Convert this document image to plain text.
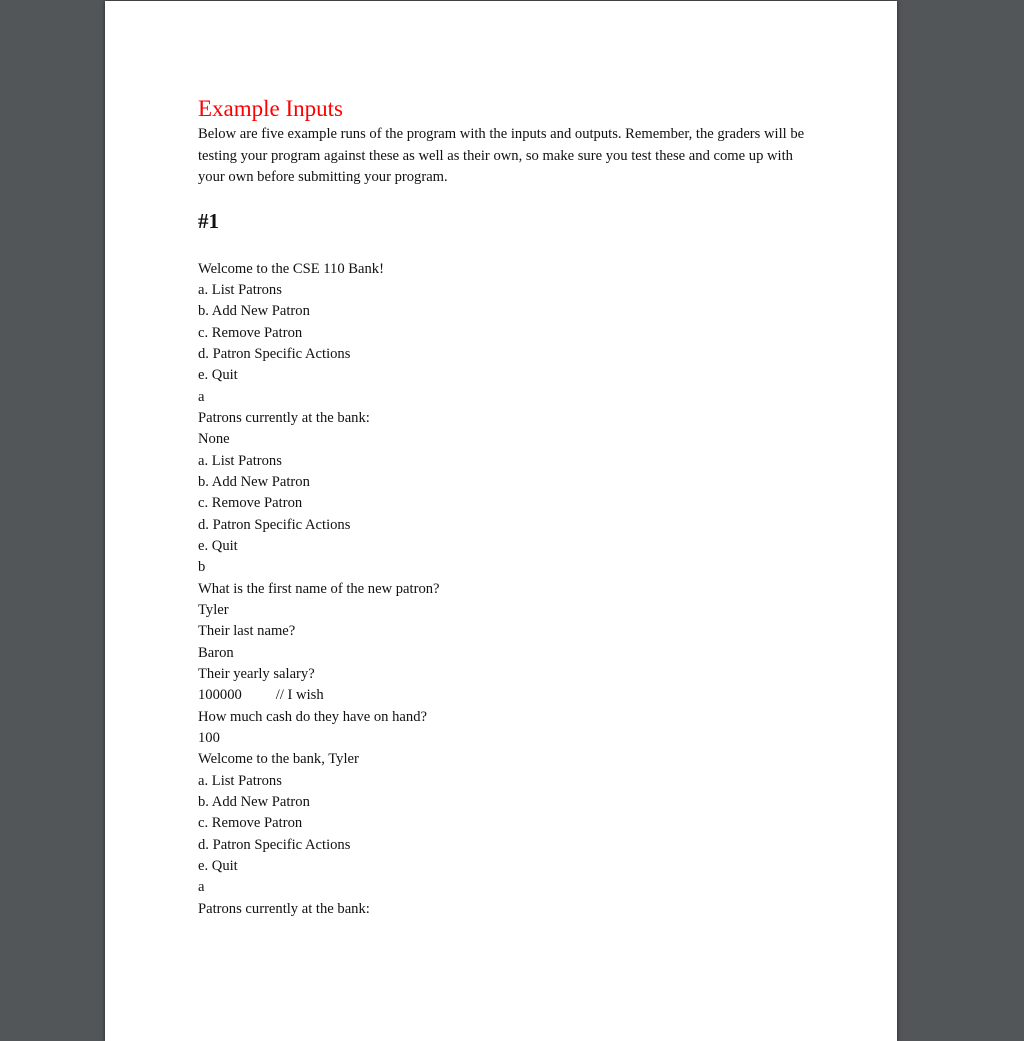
Example Inputs

Below are five example runs of the program with the inputs and outputs. Remember, the graders will be testing your program against these as well as their own, so make sure you test these and come up with your own before submitting your program.

#1
Welcome to the CSE 110 Bank!
a. List Patrons
b. Add New Patron
c. Remove Patron
d. Patron Specific Actions
e. Quit
a
Patrons currently at the bank:
None
a. List Patrons
b. Add New Patron
c. Remove Patron
d. Patron Specific Actions
e. Quit
b
What is the first name of the new patron?
Tyler
Their last name?
Baron
Their yearly salary?
100000 // I wish
How much cash do they have on hand?
100
Welcome to the bank, Tyler
a. List Patrons
b. Add New Patron
c. Remove Patron
d. Patron Specific Actions
e. Quit
a
Patrons currently at the bank:
